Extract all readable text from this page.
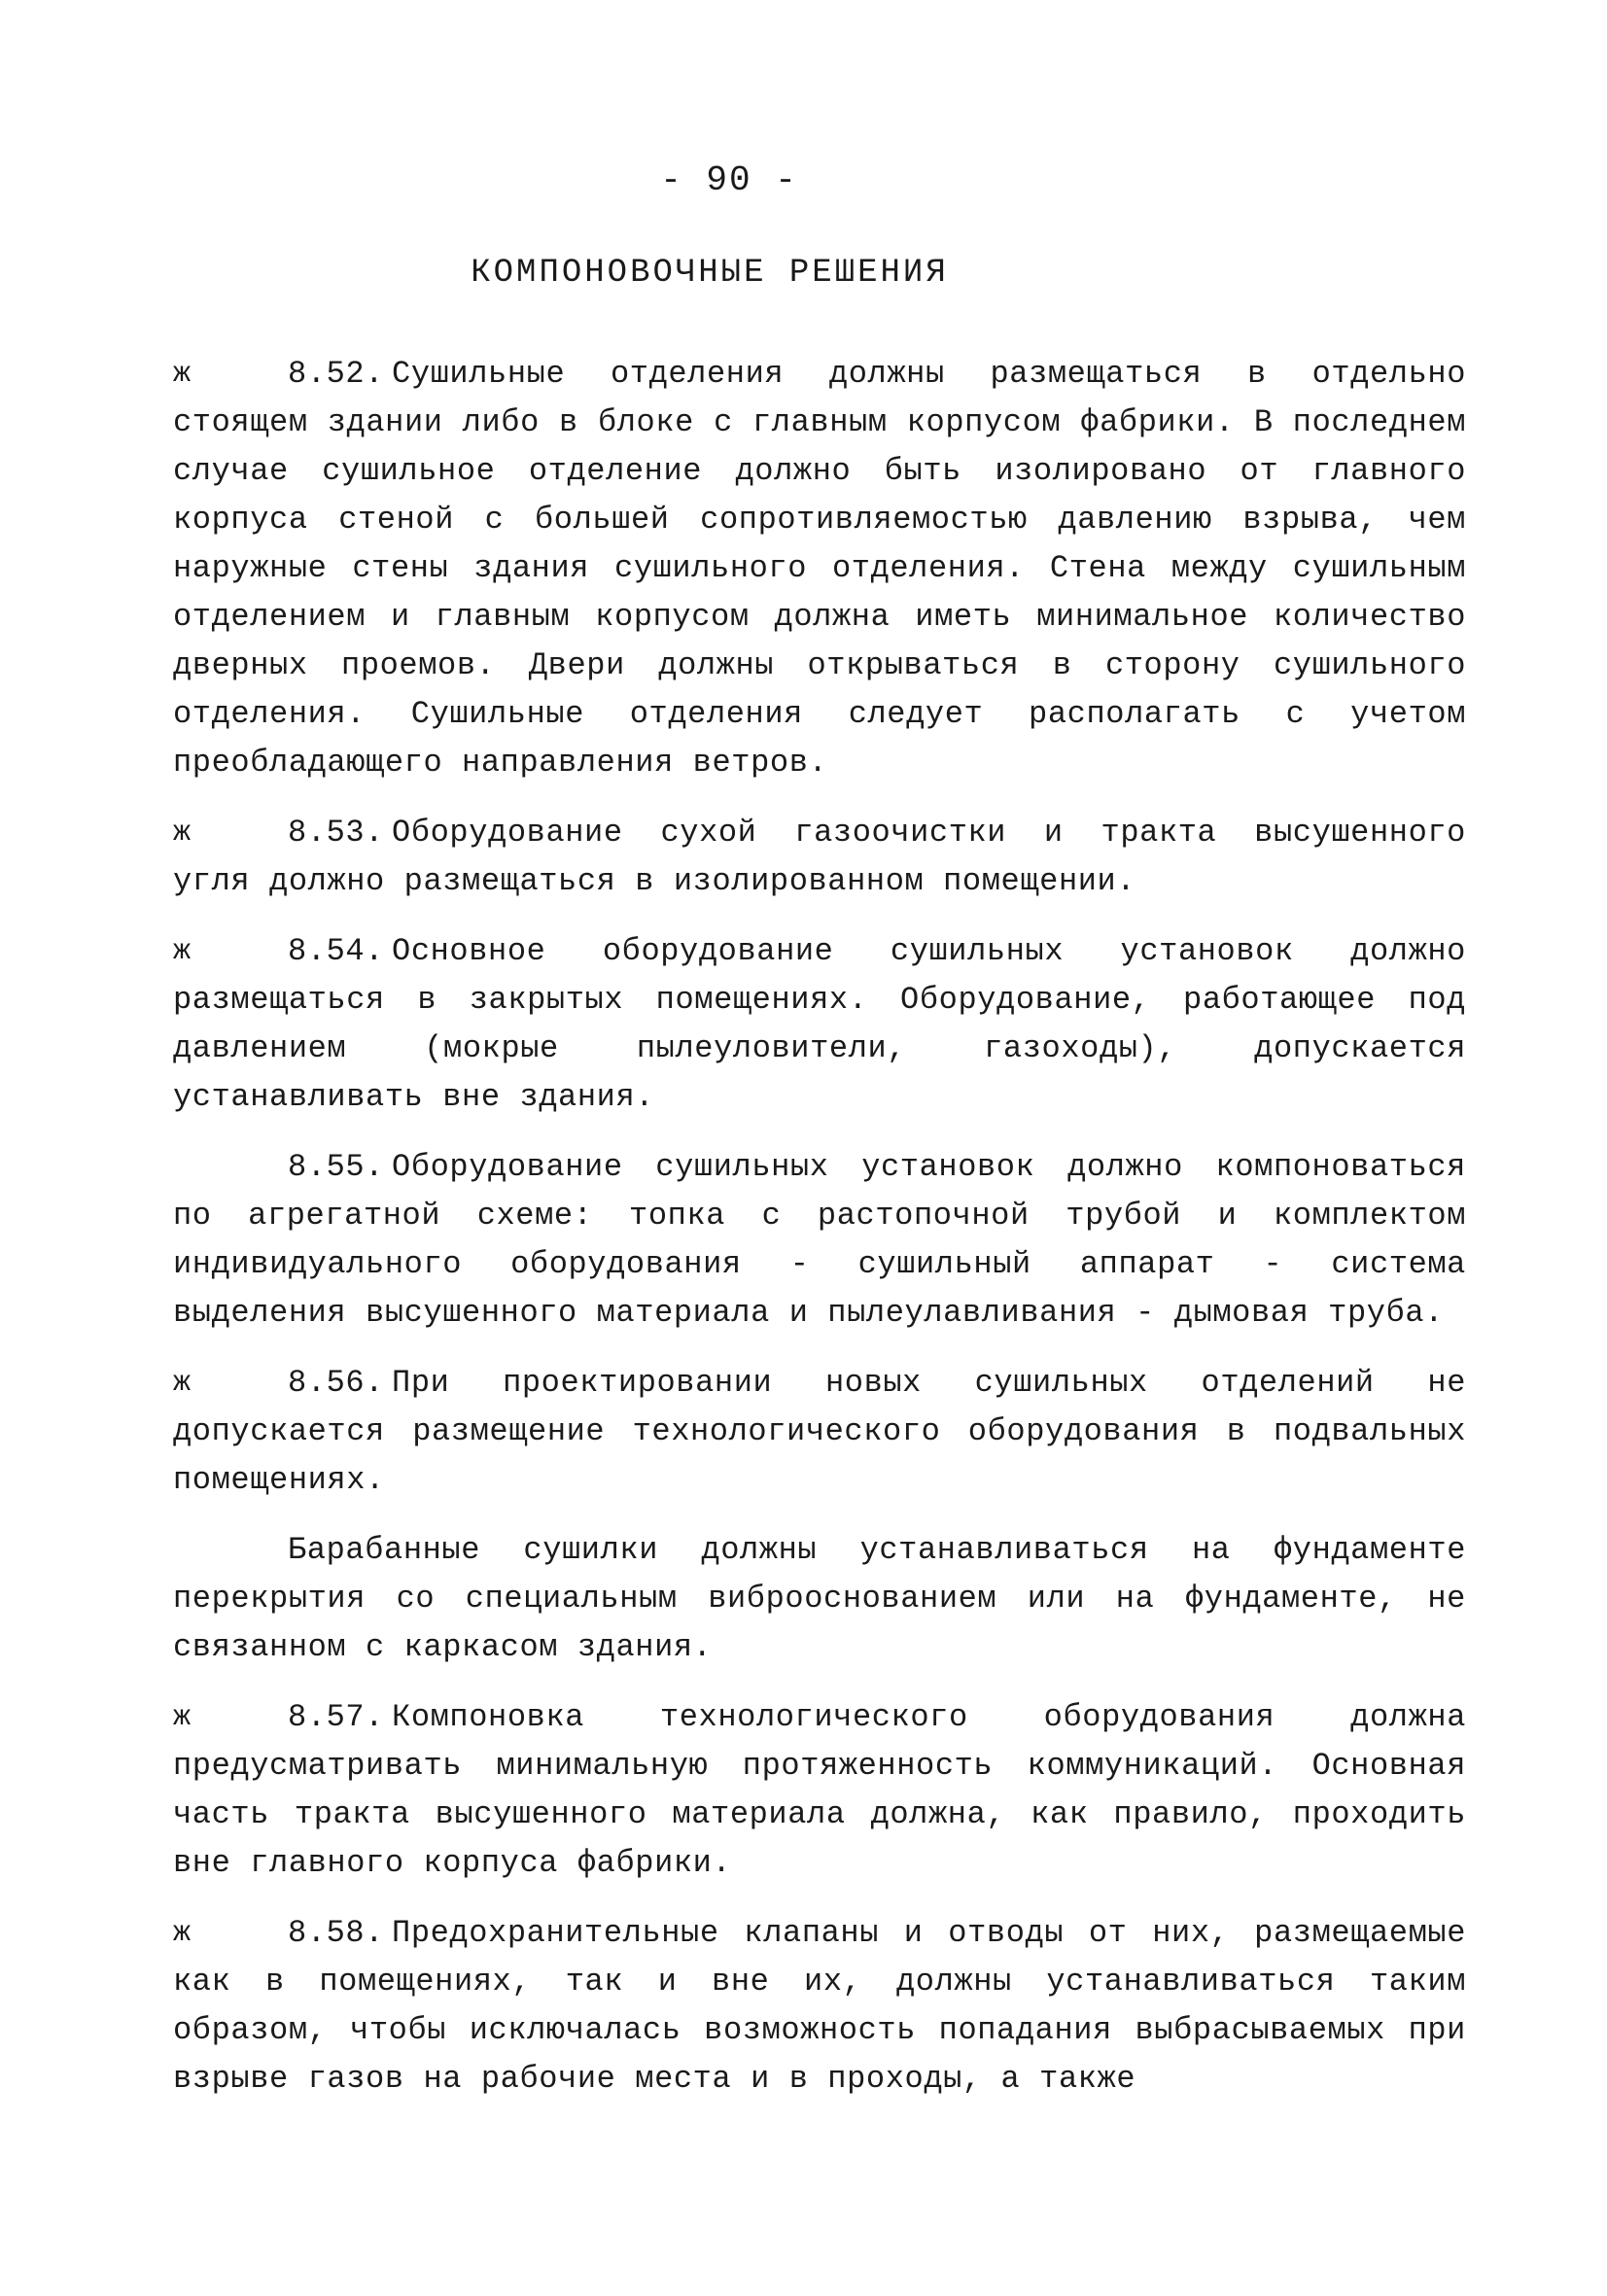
- 90 -
КОМПОНОВОЧНЫЕ РЕШЕНИЯ

ж	8.52. Сушильные отделения должны размещаться в отдельно стоящем здании либо в блоке с главным корпусом фабрики. В последнем случае сушильное отделение должно быть изолировано от главного корпуса стеной с большей сопротивляемостью давлению взрыва, чем наружные стены здания сушильного отделения. Стена между сушильным отделением и главным корпусом должна иметь минимальное количество дверных проемов. Двери должны открываться в сторону сушильного отделения. Сушильные отделения следует располагать с учетом преобладающего направления ветров.

ж	8.53. Оборудование сухой газоочистки и тракта высушенного угля должно размещаться в изолированном помещении.

ж	8.54. Основное оборудование сушильных установок должно размещаться в закрытых помещениях. Оборудование, работающее под давлением (мокрые пылеуловители, газоходы), допускается устанавливать вне здания.

8.55. Оборудование сушильных установок должно компоноваться по агрегатной схеме: топка с растопочной трубой и комплектом индивидуального оборудования - сушильный аппарат - система выделения высушенного материала и пылеулавливания - дымовая труба.

ж	8.56. При проектировании новых сушильных отделений не допускается размещение технологического оборудования в подвальных помещениях.

Барабанные сушилки должны устанавливаться на фундаменте перекрытия со специальным виброоснованием или на фундаменте, не связанном с каркасом здания.

ж	8.57. Компоновка технологического оборудования должна предусматривать минимальную протяженность коммуникаций. Основная часть тракта высушенного материала должна, как правило, проходить вне главного корпуса фабрики.

ж	8.58. Предохранительные клапаны и отводы от них, размещаемые как в помещениях, так и вне их, должны устанавливаться таким образом, чтобы исключалась возможность попадания выбрасываемых при взрыве газов на рабочие места и в проходы, а также
